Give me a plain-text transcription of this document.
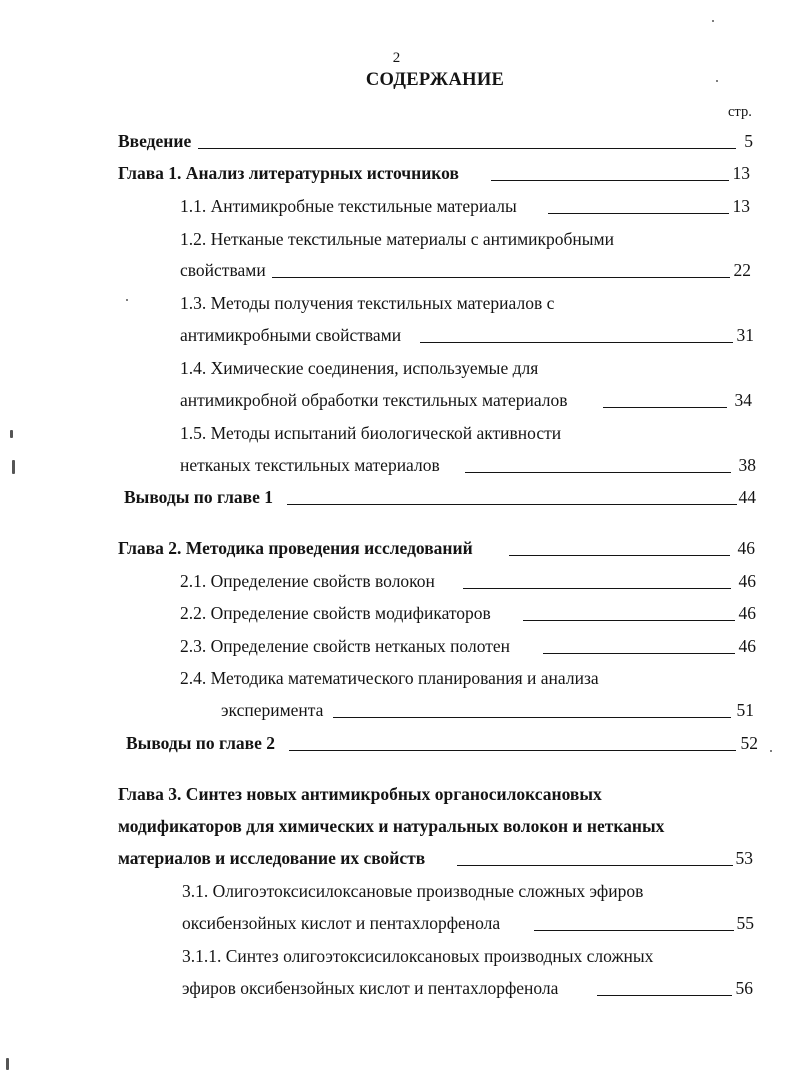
2
СОДЕРЖАНИЕ
стр.
Введение	5
Глава 1. Анализ литературных источников	13
1.1. Антимикробные текстильные материалы	13
1.2. Нетканые текстильные материалы с антимикробными
свойствами	22
1.3. Методы получения текстильных материалов с
антимикробными свойствами	31
1.4. Химические соединения, используемые для
антимикробной обработки текстильных материалов	34
1.5. Методы испытаний биологической активности
нетканых текстильных материалов	38
Выводы по главе 1	44
Глава 2. Методика проведения исследований	46
2.1. Определение свойств волокон	46
2.2. Определение свойств модификаторов	46
2.3. Определение свойств нетканых полотен	46
2.4. Методика математического планирования и анализа
эксперимента	51
Выводы по главе 2	52
Глава 3. Синтез новых антимикробных органосилоксановых
модификаторов для химических и натуральных волокон и нетканых
материалов и исследование их свойств	53
3.1. Олигоэтоксисилоксановые производные сложных эфиров
оксибензойных кислот и пентахлорфенола	55
3.1.1. Синтез олигоэтоксисилоксановых производных сложных
эфиров оксибензойных кислот и пентахлорфенола	56
